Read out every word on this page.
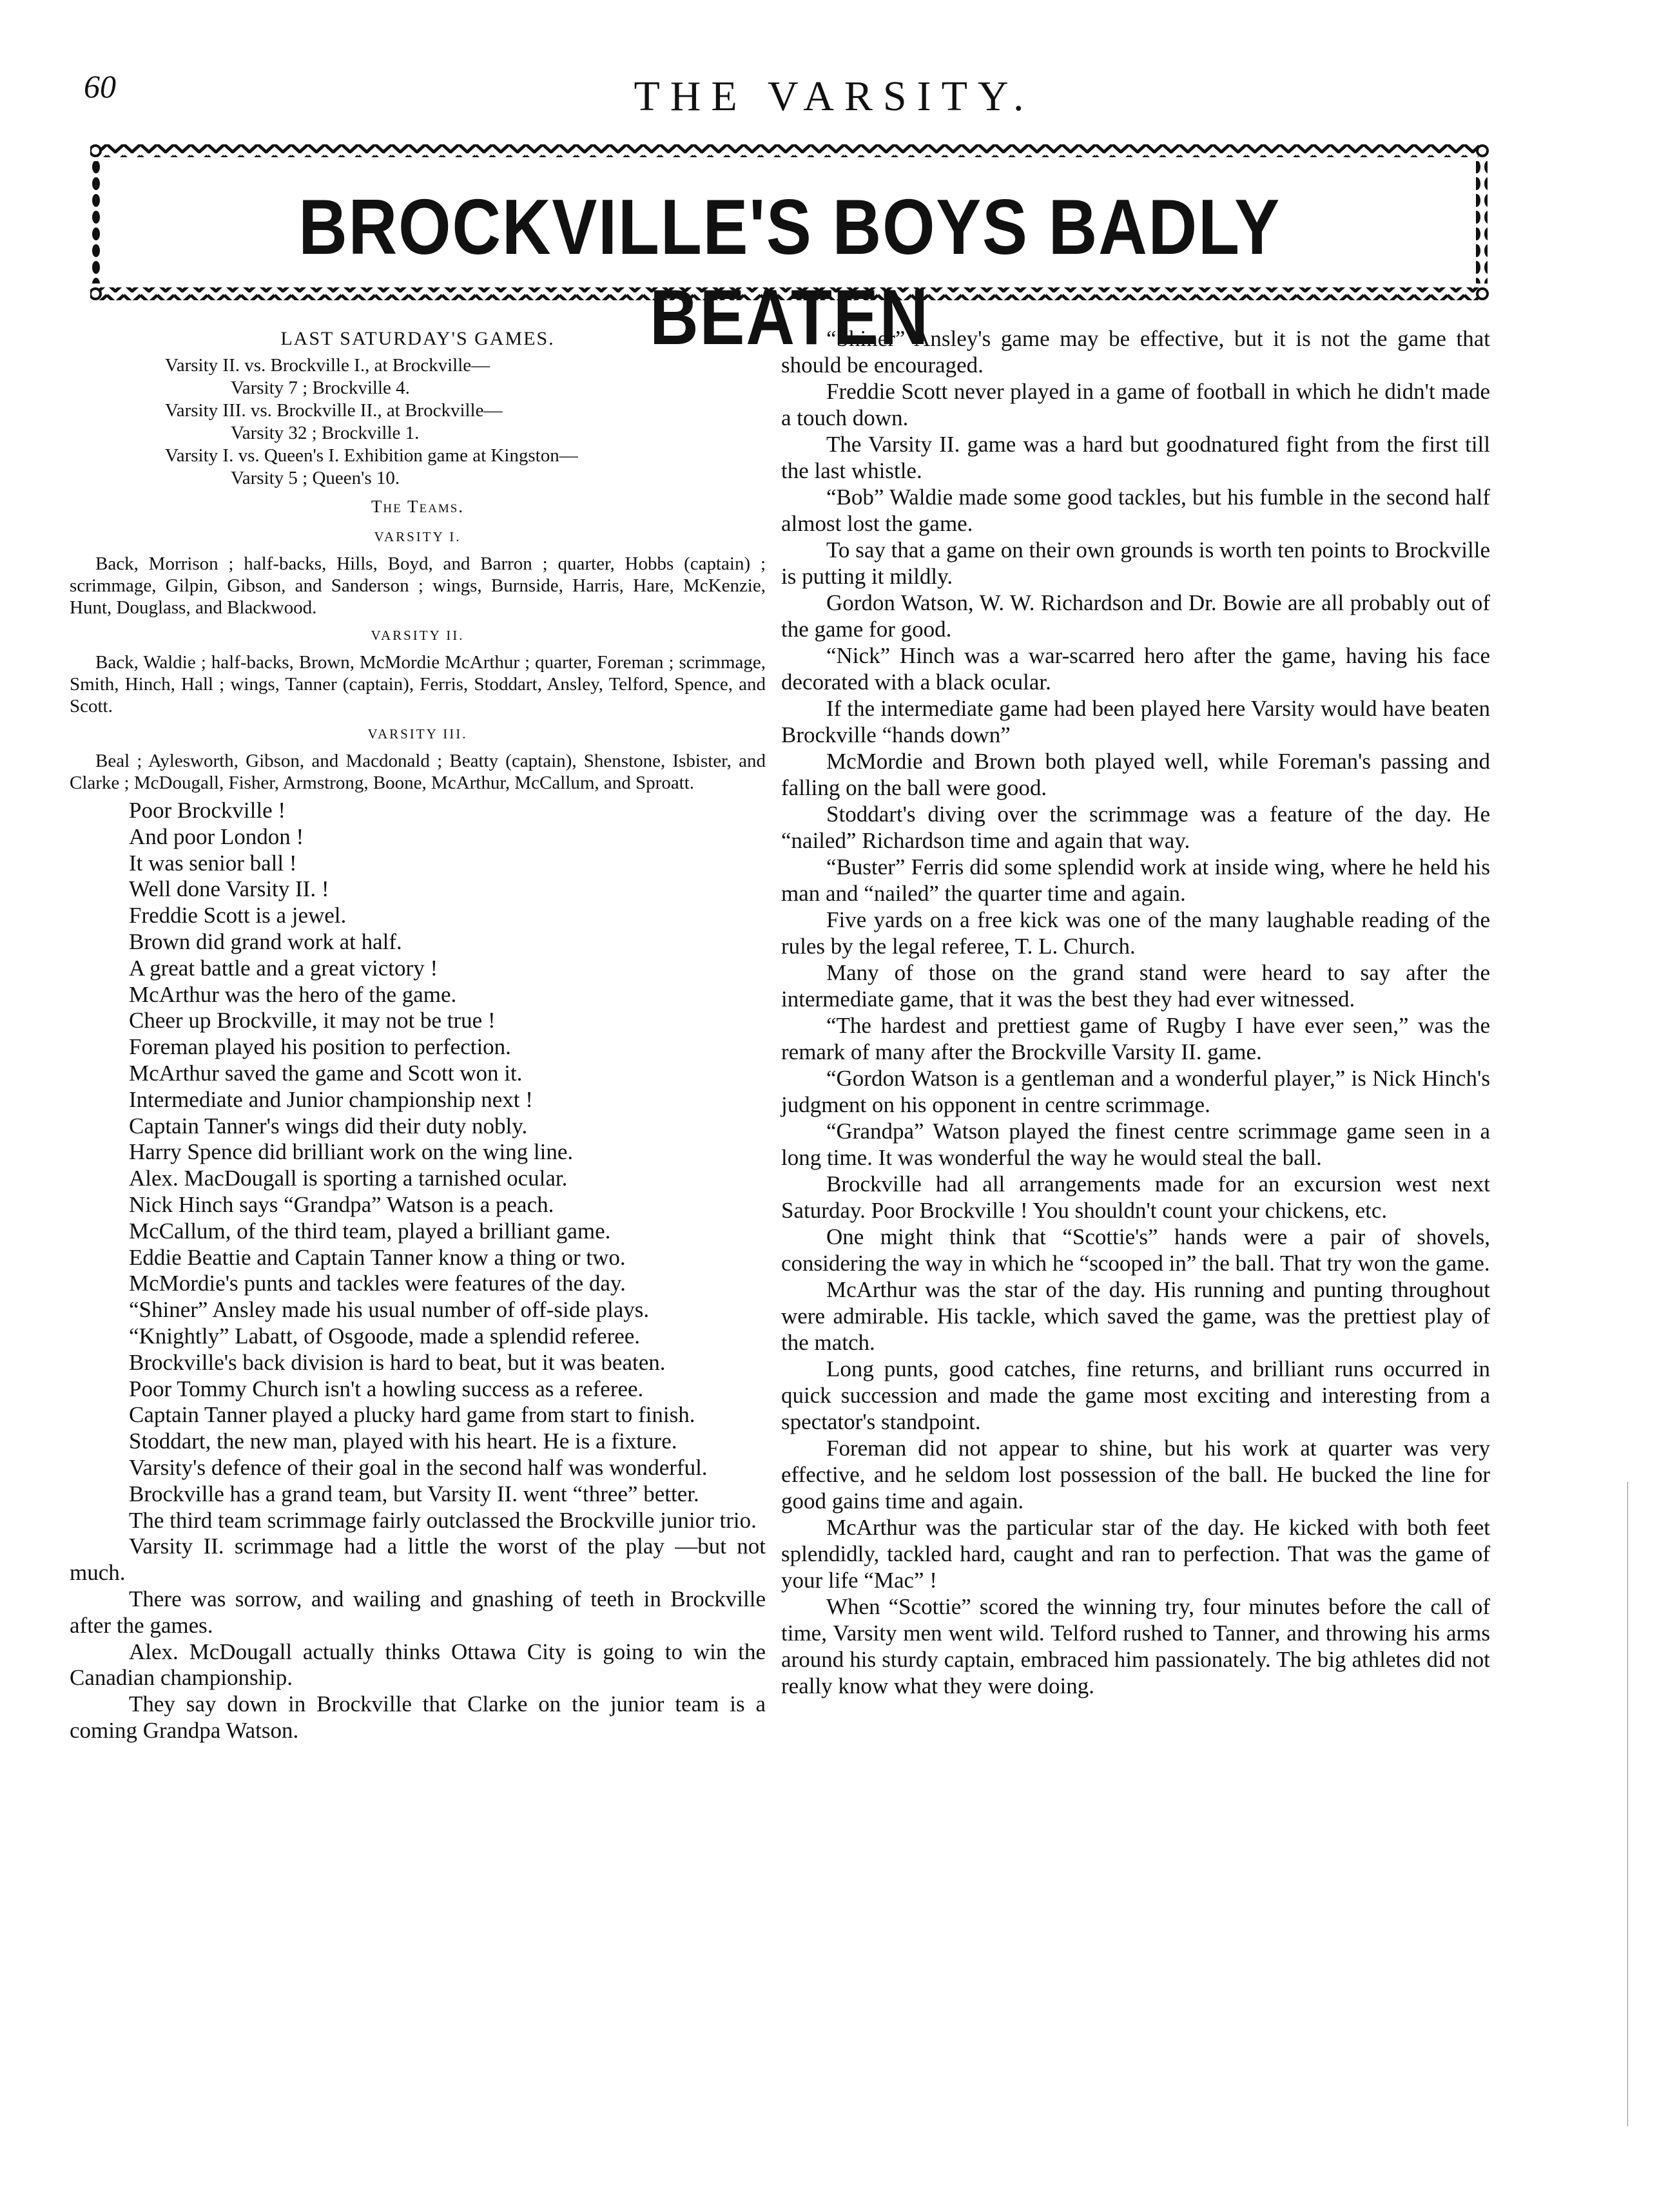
60	THE VARSITY.
BROCKVILLE'S BOYS BADLY BEATEN
LAST SATURDAY'S GAMES.

Varsity II. vs. Brockville I., at Brockville—

Varsity 7 ; Brockville 4.

Varsity III. vs. Brockville II., at Brockville—

Varsity 32 ; Brockville 1.

Varsity I. vs. Queen's I. Exhibition game at Kingston—

Varsity 5 ; Queen's 10.

The Teams.
VARSITY I.

Back, Morrison ; half-backs, Hills, Boyd, and Barron ; quarter, Hobbs (captain) ; scrimmage, Gilpin, Gibson, and Sanderson ; wings, Burnside, Harris, Hare, McKenzie, Hunt, Douglass, and Blackwood.

VARSITY II.

Back, Waldie ; half-backs, Brown, McMordie McArthur ; quarter, Foreman ; scrimmage, Smith, Hinch, Hall ; wings, Tanner (captain), Ferris, Stoddart, Ansley, Telford, Spence, and Scott.

VARSITY III.

Beal ; Aylesworth, Gibson, and Macdonald ; Beatty (captain), Shenstone, Isbister, and Clarke ; McDougall, Fisher, Armstrong, Boone, McArthur, McCallum, and Sproatt.

Poor Brockville !

And poor London !

It was senior ball !

Well done Varsity II. !

Freddie Scott is a jewel.

Brown did grand work at half.

A great battle and a great victory !

McArthur was the hero of the game.

Cheer up Brockville, it may not be true !

Foreman played his position to perfection.

McArthur saved the game and Scott won it.

Intermediate and Junior championship next !

Captain Tanner's wings did their duty nobly.

Harry Spence did brilliant work on the wing line.

Alex. MacDougall is sporting a tarnished ocular.

Nick Hinch says “Grandpa” Watson is a peach.

McCallum, of the third team, played a brilliant game.

Eddie Beattie and Captain Tanner know a thing or two.

McMordie's punts and tackles were features of the day.

“Shiner” Ansley made his usual number of off-side plays.

“Knightly” Labatt, of Osgoode, made a splendid referee.

Brockville's back division is hard to beat, but it was beaten.

Poor Tommy Church isn't a howling success as a referee.

Captain Tanner played a plucky hard game from start to finish.

Stoddart, the new man, played with his heart. He is a fixture.

Varsity's defence of their goal in the second half was wonderful.

Brockville has a grand team, but Varsity II. went “three” better.

The third team scrimmage fairly outclassed the Brockville junior trio.

Varsity II. scrimmage had a little the worst of the play —but not much.

There was sorrow, and wailing and gnashing of teeth in Brockville after the games.

Alex. McDougall actually thinks Ottawa City is going to win the Canadian championship.

They say down in Brockville that Clarke on the junior team is a coming Grandpa Watson.

“Shiner” Ansley's game may be effective, but it is not the game that should be encouraged.

Freddie Scott never played in a game of football in which he didn't made a touch down.

The Varsity II. game was a hard but goodnatured fight from the first till the last whistle.

“Bob” Waldie made some good tackles, but his fumble in the second half almost lost the game.

To say that a game on their own grounds is worth ten points to Brockville is putting it mildly.

Gordon Watson, W. W. Richardson and Dr. Bowie are all probably out of the game for good.

“Nick” Hinch was a war-scarred hero after the game, having his face decorated with a black ocular.

If the intermediate game had been played here Varsity would have beaten Brockville “hands down”

McMordie and Brown both played well, while Foreman's passing and falling on the ball were good.

Stoddart's diving over the scrimmage was a feature of the day. He “nailed” Richardson time and again that way.

“Buster” Ferris did some splendid work at inside wing, where he held his man and “nailed” the quarter time and again.

Five yards on a free kick was one of the many laughable reading of the rules by the legal referee, T. L. Church.

Many of those on the grand stand were heard to say after the intermediate game, that it was the best they had ever witnessed.

“The hardest and prettiest game of Rugby I have ever seen,” was the remark of many after the Brockville Varsity II. game.

“Gordon Watson is a gentleman and a wonderful player,” is Nick Hinch's judgment on his opponent in centre scrimmage.

“Grandpa” Watson played the finest centre scrimmage game seen in a long time. It was wonderful the way he would steal the ball.

Brockville had all arrangements made for an excursion west next Saturday. Poor Brockville ! You shouldn't count your chickens, etc.

One might think that “Scottie's” hands were a pair of shovels, considering the way in which he “scooped in” the ball. That try won the game.

McArthur was the star of the day. His running and punting throughout were admirable. His tackle, which saved the game, was the prettiest play of the match.

Long punts, good catches, fine returns, and brilliant runs occurred in quick succession and made the game most exciting and interesting from a spectator's standpoint.

Foreman did not appear to shine, but his work at quarter was very effective, and he seldom lost possession of the ball. He bucked the line for good gains time and again.

McArthur was the particular star of the day. He kicked with both feet splendidly, tackled hard, caught and ran to perfection. That was the game of your life “Mac” !

When “Scottie” scored the winning try, four minutes before the call of time, Varsity men went wild. Telford rushed to Tanner, and throwing his arms around his sturdy captain, embraced him passionately. The big athletes did not really know what they were doing.
